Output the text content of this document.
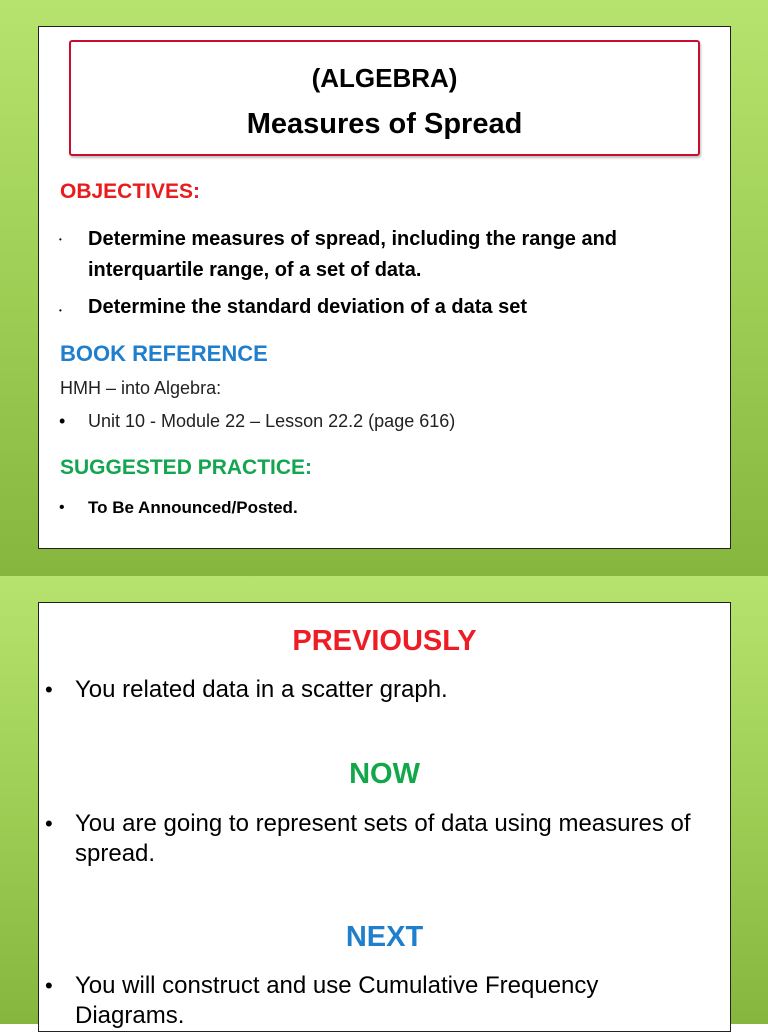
(ALGEBRA)
Measures of Spread
OBJECTIVES:
• Determine measures of spread, including the range and interquartile range, of a set of data.
• Determine the standard deviation of a data set
BOOK REFERENCE
HMH – into Algebra:
• Unit 10 - Module 22 – Lesson 22.2 (page 616)
SUGGESTED PRACTICE:
• To Be Announced/Posted.
PREVIOUSLY
• You related data in a scatter graph.
NOW
• You are going to represent sets of data using measures of spread.
NEXT
• You will construct and use Cumulative Frequency Diagrams.
